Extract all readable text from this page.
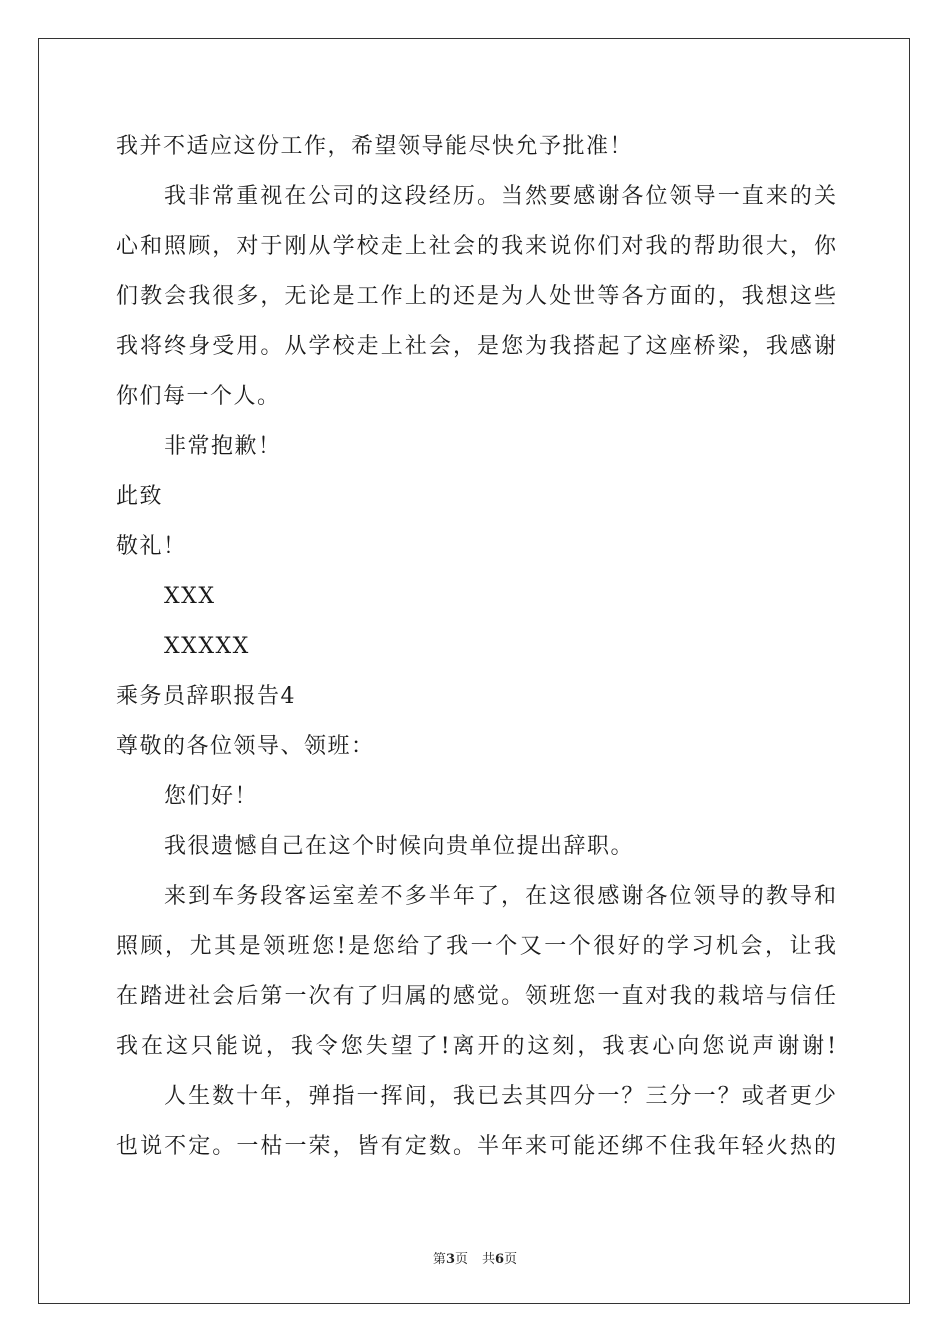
我并不适应这份工作，希望领导能尽快允予批准！
我非常重视在公司的这段经历。当然要感谢各位领导一直来的关
心和照顾，对于刚从学校走上社会的我来说你们对我的帮助很大，你
们教会我很多，无论是工作上的还是为人处世等各方面的，我想这些
我将终身受用。从学校走上社会，是您为我搭起了这座桥梁，我感谢
你们每一个人。
非常抱歉！
此致
敬礼！
XXX
XXXXX
乘务员辞职报告4
尊敬的各位领导、领班：
您们好！
我很遗憾自己在这个时候向贵单位提出辞职。
来到车务段客运室差不多半年了，在这很感谢各位领导的教导和
照顾，尤其是领班您!是您给了我一个又一个很好的学习机会，让我
在踏进社会后第一次有了归属的感觉。领班您一直对我的栽培与信任
我在这只能说，我令您失望了!离开的这刻，我衷心向您说声谢谢!
人生数十年，弹指一挥间，我已去其四分一？三分一？或者更少
也说不定。一枯一荣，皆有定数。半年来可能还绑不住我年轻火热的
第3页 共6页
